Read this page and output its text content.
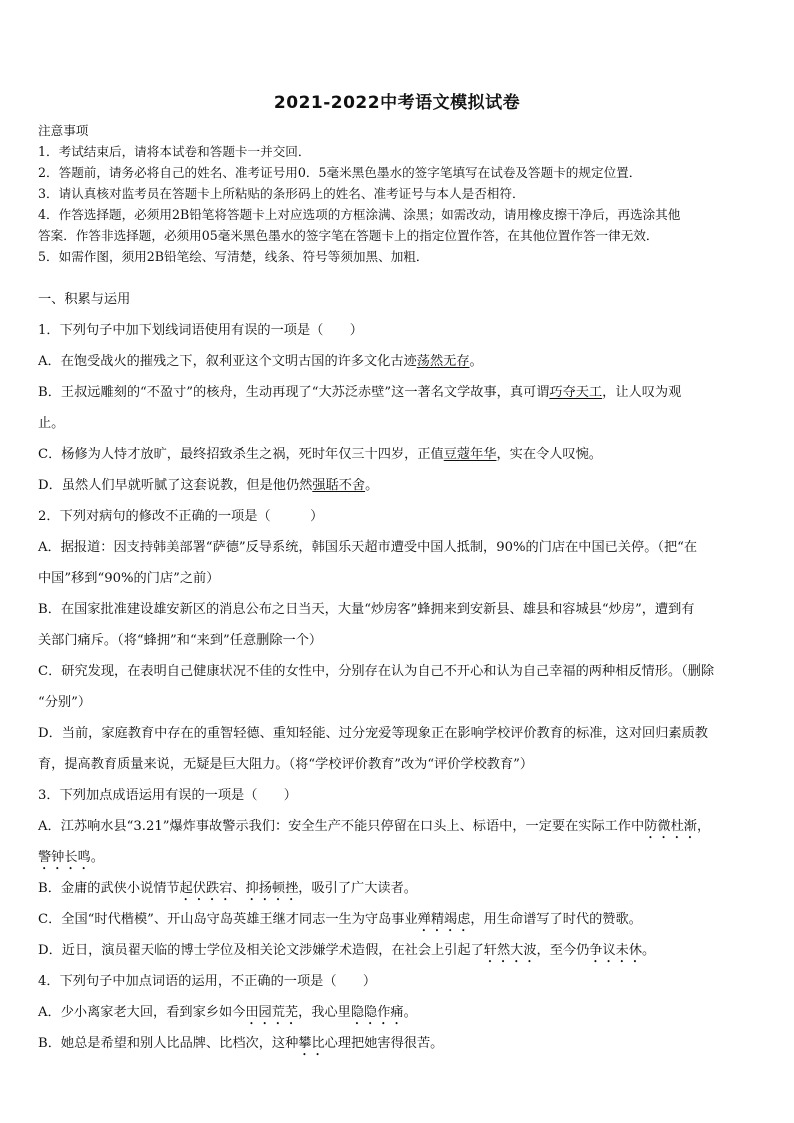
2021-2022中考语文模拟试卷
注意事项
1．考试结束后，请将本试卷和答题卡一并交回．
2．答题前，请务必将自己的姓名、准考证号用0．5毫米黑色墨水的签字笔填写在试卷及答题卡的规定位置．
3．请认真核对监考员在答题卡上所粘贴的条形码上的姓名、准考证号与本人是否相符．
4．作答选择题，必须用2B铅笔将答题卡上对应选项的方框涂满、涂黑；如需改动，请用橡皮擦干净后，再选涂其他
答案．作答非选择题，必须用05毫米黑色墨水的签字笔在答题卡上的指定位置作答，在其他位置作答一律无效．
5．如需作图，须用2B铅笔绘、写清楚，线条、符号等须加黑、加粗．

一、积累与运用

1．下列句子中加下划线词语使用有误的一项是（　　）

A．在饱受战火的摧残之下，叙利亚这个文明古国的许多文化古迹荡然无存。

B．王叔远雕刻的“不盈寸”的核舟，生动再现了“大苏泛赤壁”这一著名文学故事，真可谓巧夺天工，让人叹为观

止。

C．杨修为人恃才放旷，最终招致杀生之祸，死时年仅三十四岁，正值豆蔻年华，实在令人叹惋。

D．虽然人们早就听腻了这套说教，但是他仍然强聒不舍。

2．下列对病句的修改不正确的一项是（　　　）

A．据报道：因支持韩美部署“萨德”反导系统，韩国乐天超市遭受中国人抵制，90%的门店在中国已关停。（把“在

中国”移到“90%的门店”之前）

B．在国家批准建设雄安新区的消息公布之日当天，大量“炒房客”蜂拥来到安新县、雄县和容城县“炒房”，遭到有

关部门痛斥。（将“蜂拥”和“来到”任意删除一个）

C．研究发现，在表明自己健康状况不佳的女性中，分别存在认为自己不开心和认为自己幸福的两种相反情形。（删除

“分别”）

D．当前，家庭教育中存在的重智轻德、重知轻能、过分宠爱等现象正在影响学校评价教育的标准，这对回归素质教

育，提高教育质量来说，无疑是巨大阻力。（将“学校评价教育”改为“评价学校教育”）

3．下列加点成语运用有误的一项是（　　）

A．江苏响水县“3.21”爆炸事故警示我们：安全生产不能只停留在口头上、标语中，一定要在实际工作中防微杜渐，

警钟长鸣。

B．金庸的武侠小说情节起伏跌宕、抑扬顿挫，吸引了广大读者。

C．全国“时代楷模”、开山岛守岛英雄王继才同志一生为守岛事业殚精竭虑，用生命谱写了时代的赞歌。

D．近日，演员翟天临的博士学位及相关论文涉嫌学术造假，在社会上引起了轩然大波，至今仍争议未休。

4．下列句子中加点词语的运用，不正确的一项是（　　）

A．少小离家老大回，看到家乡如今田园荒芜，我心里隐隐作痛。

B．她总是希望和别人比品牌、比档次，这种攀比心理把她害得很苦。
